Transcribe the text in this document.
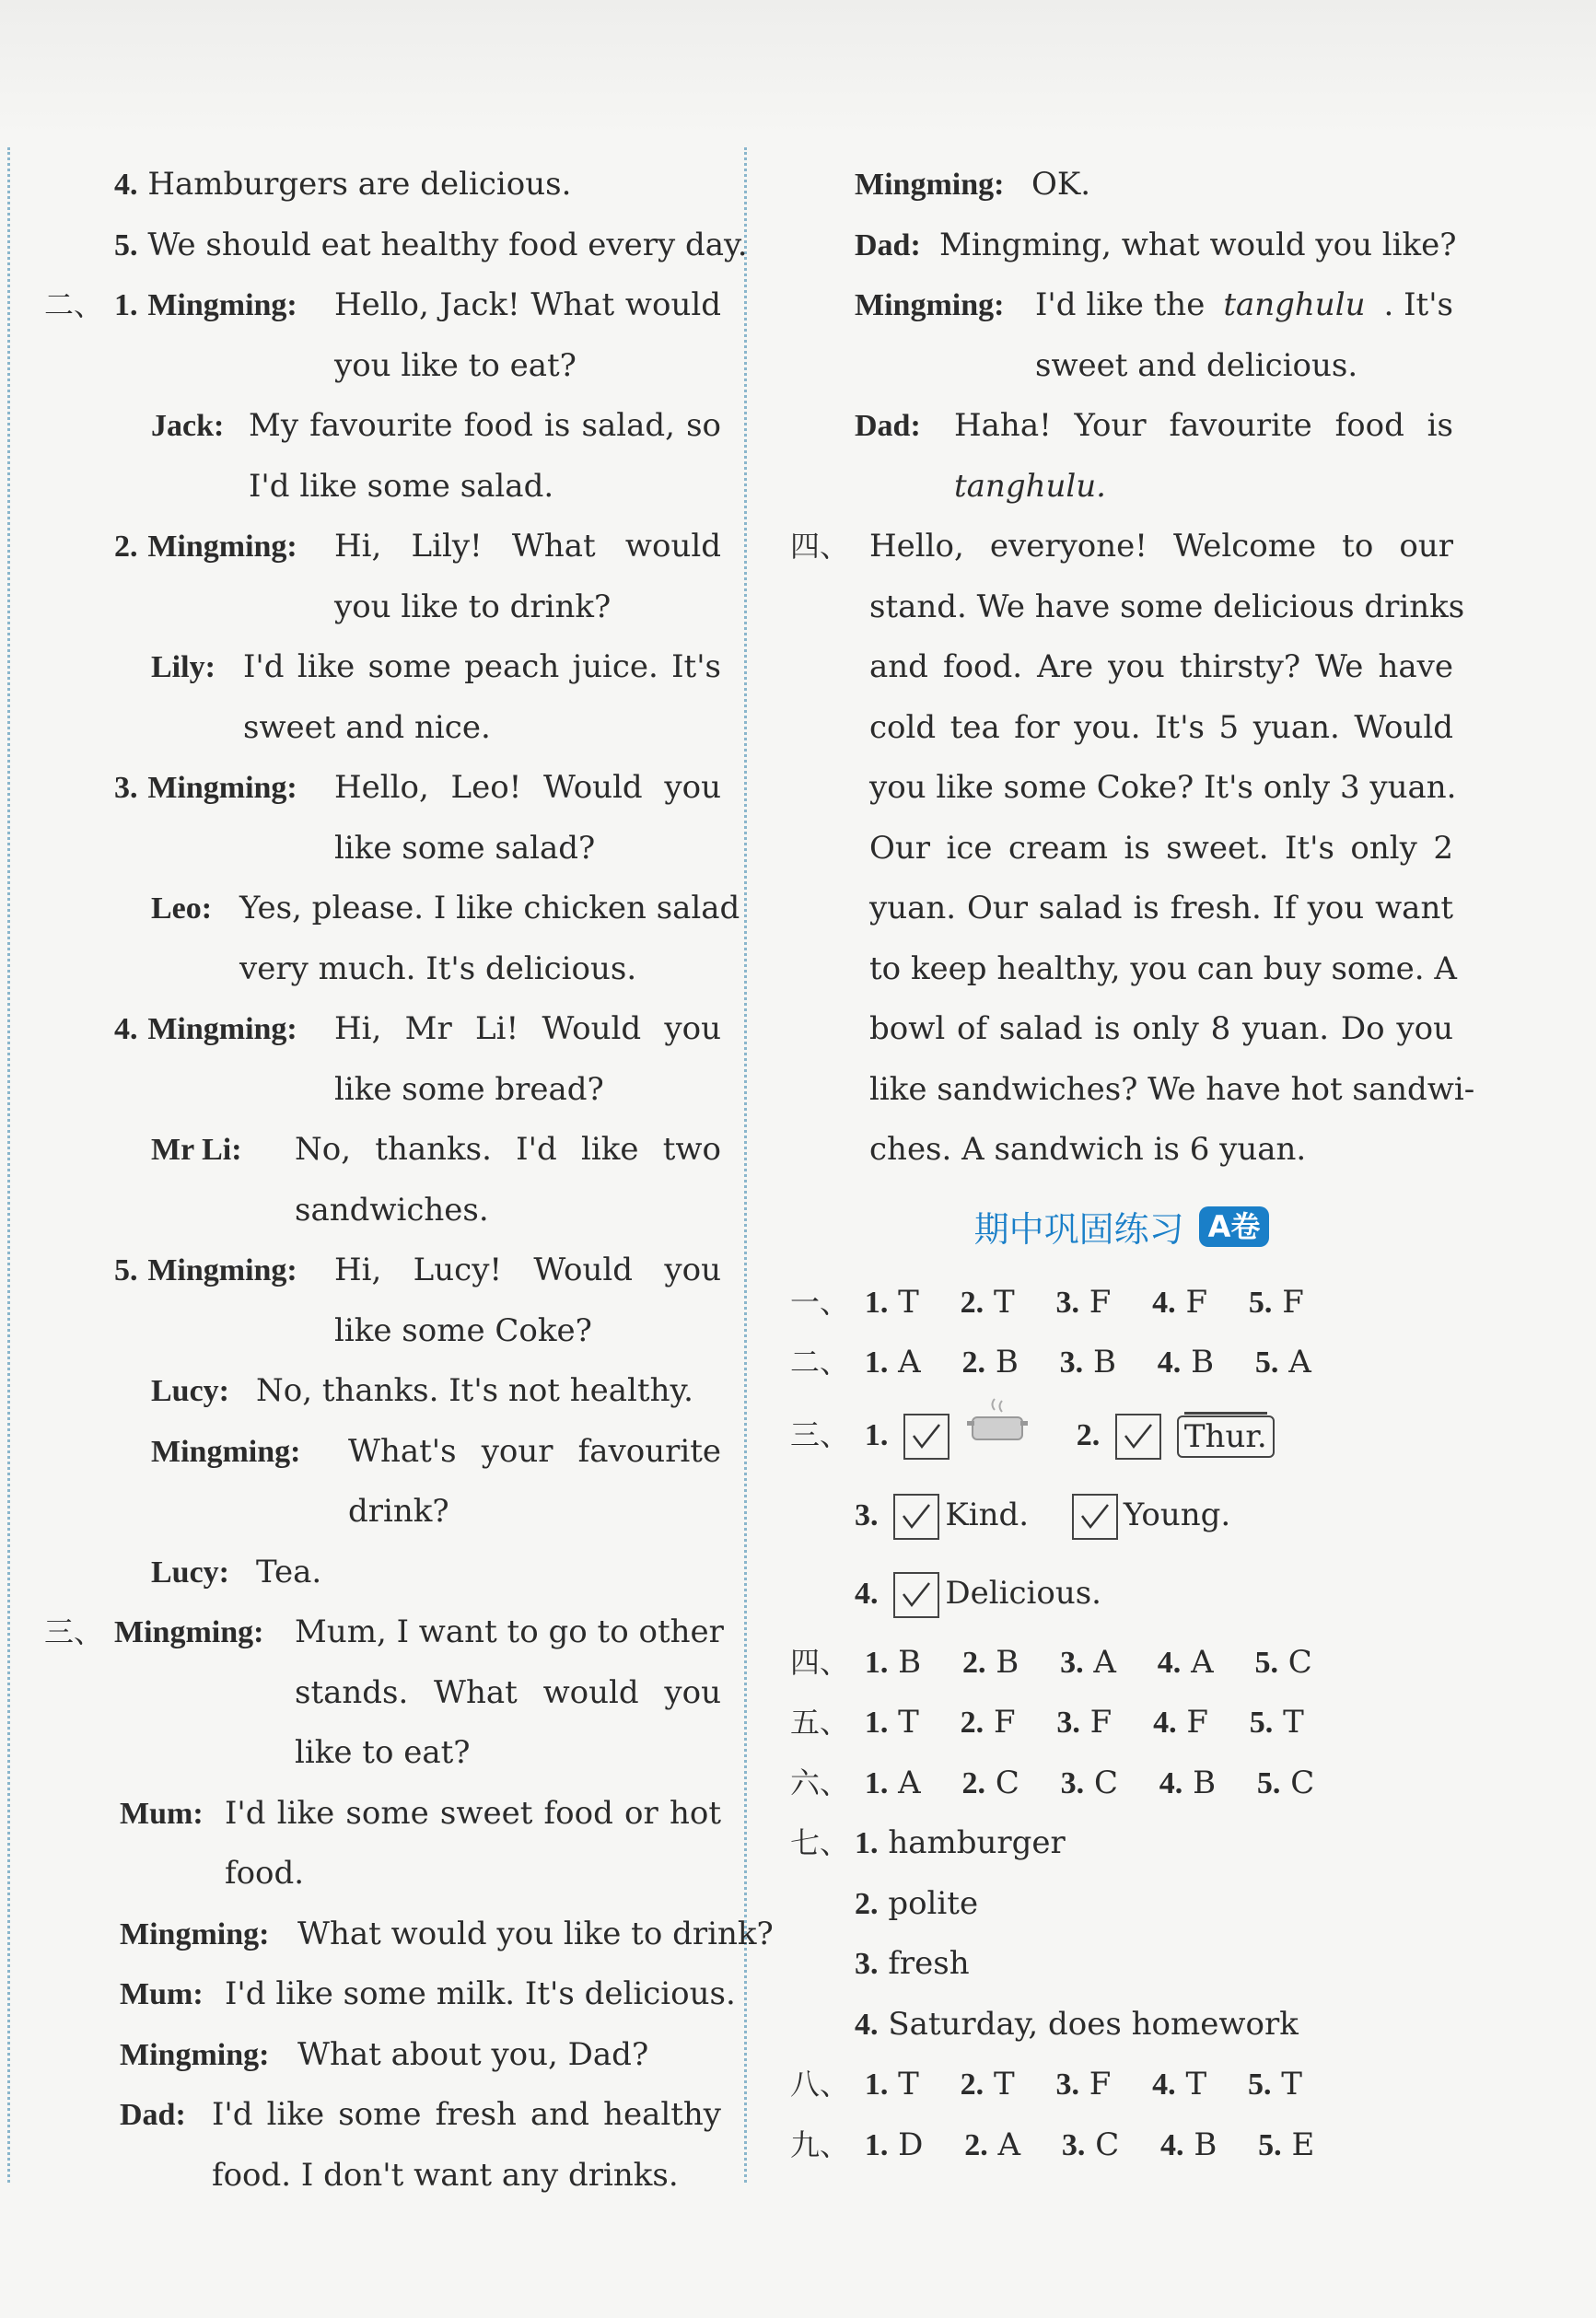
4. Hamburgers are delicious.
5. We should eat healthy food every day.
二、 1. Mingming: Hello, Jack! What would
you like to eat?
Jack: My favourite food is salad, so
I'd like some salad.
2. Mingming: Hi, Lily! What would
you like to drink?
Lily: I'd like some peach juice. It's
sweet and nice.
3. Mingming: Hello, Leo! Would you
like some salad?
Leo: Yes, please. I like chicken salad
very much. It's delicious.
4. Mingming: Hi, Mr Li! Would you
like some bread?
Mr Li: No, thanks. I'd like two
sandwiches.
5. Mingming: Hi, Lucy! Would you
like some Coke?
Lucy: No, thanks. It's not healthy.
Mingming: What's your favourite
drink?
Lucy: Tea.
三、 Mingming: Mum, I want to go to other
stands.  What  would  you
like to eat?
Mum: I'd like some sweet food or hot
food.
Mingming: What would you like to drink?
Mum: I'd like some milk. It's delicious.
Mingming: What about you, Dad?
Dad: I'd like some fresh and healthy
food. I don't want any drinks.
Mingming: OK.
Dad: Mingming, what would you like?
Mingming: I'd like the tanghulu . It's
sweet and delicious.
Dad: Haha!  Your  favourite  food  is
tanghulu.
四、 Hello,  everyone!  Welcome  to  our
stand. We have some delicious drinks
and food. Are you thirsty? We have
cold tea for you. It's 5 yuan. Would
you like some Coke? It's only 3 yuan.
Our ice cream is sweet. It's only 2
yuan. Our salad is fresh. If you want
to keep healthy, you can buy some. A
bowl of salad is only 8 yuan. Do you
like sandwiches? We have hot sandwi-
ches. A sandwich is 6 yuan.
期中巩固练习 A卷
一、 1. T 2. T 3. F 4. F 5. F
二、 1. A 2. B 3. B 4. B 5. A
三、 1.	2.	Thur.
3. Kind.	Young.
4. Delicious.
四、 1. B 2. B 3. A 4. A 5. C
五、 1. T 2. F 3. F 4. F 5. T
六、 1. A 2. C 3. C 4. B 5. C
七、 1. hamburger
2. polite
3. fresh
4. Saturday, does homework
八、 1. T 2. T 3. F 4. T 5. T
九、 1. D 2. A 3. C 4. B 5. E
